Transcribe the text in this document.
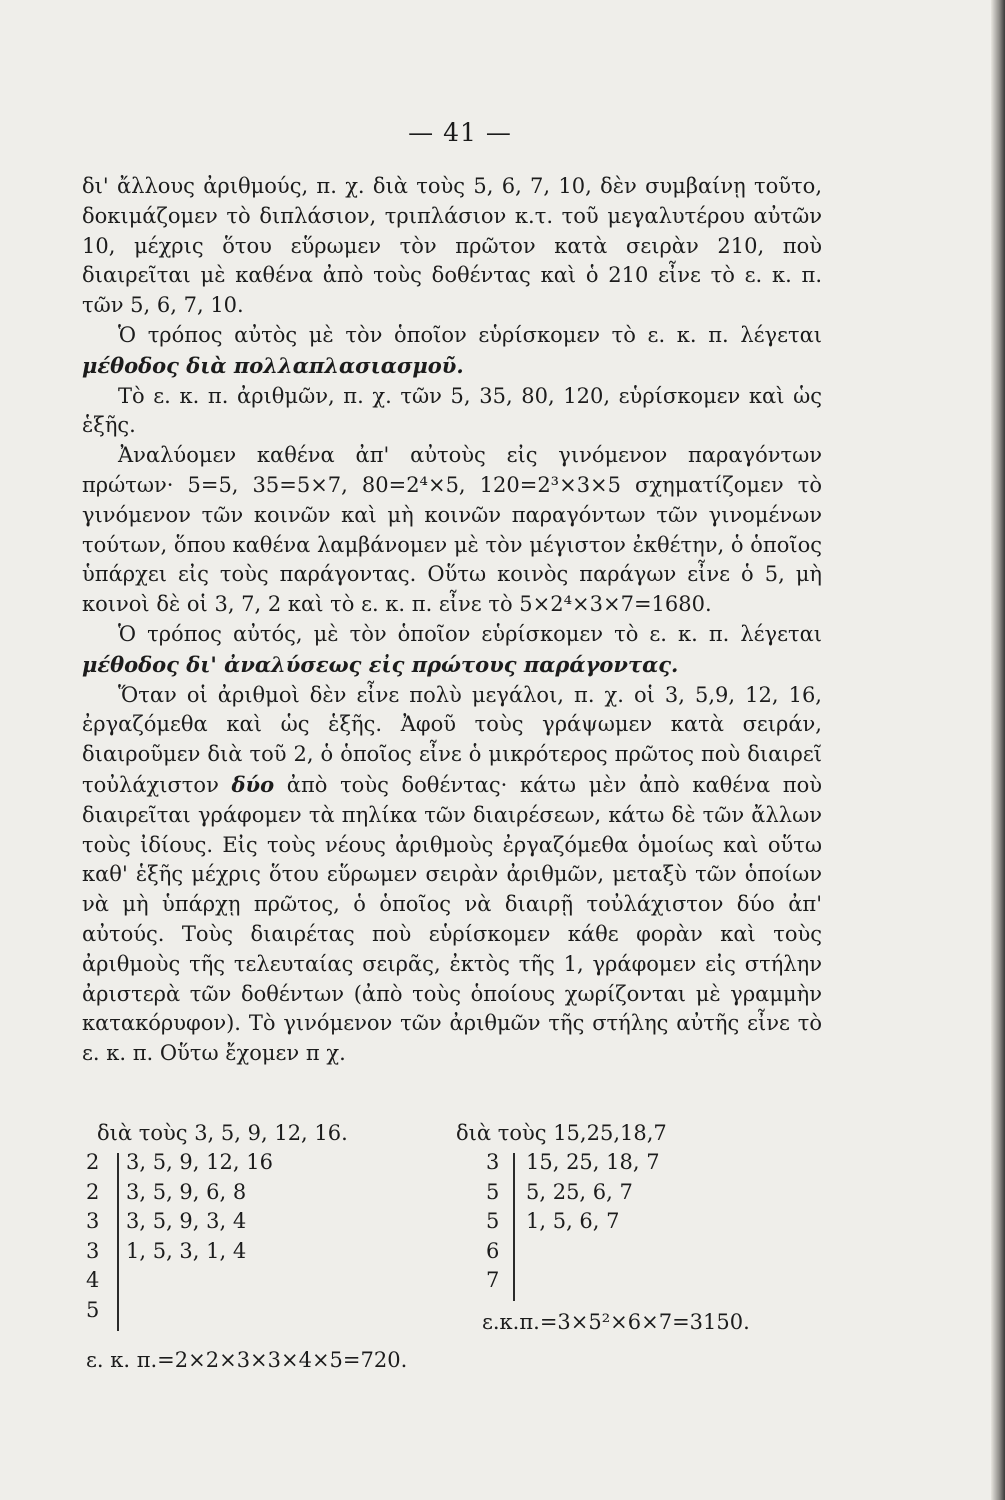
— 41 —

δι' ἄλλους ἀριθμούς, π. χ. διὰ τοὺς 5, 6, 7, 10, δὲν συμβαίνῃ τοῦτο, δοκιμάζομεν τὸ διπλάσιον, τριπλάσιον κ.τ. τοῦ μεγαλυτέρου αὐτῶν 10, μέχρις ὅτου εὕρωμεν τὸν πρῶτον κατὰ σειρὰν 210, ποὺ διαιρεῖται μὲ καθένα ἀπὸ τοὺς δοθέντας καὶ ὁ 210 εἶνε τὸ ε. κ. π. τῶν 5, 6, 7, 10.

Ὁ τρόπος αὐτὸς μὲ τὸν ὁποῖον εὑρίσκομεν τὸ ε. κ. π. λέγεται μέθοδος διὰ πολλαπλασιασμοῦ.

Τὸ ε. κ. π. ἀριθμῶν, π. χ. τῶν 5, 35, 80, 120, εὑρίσκομεν καὶ ὡς ἑξῆς.

Ἀναλύομεν καθένα ἀπ' αὐτοὺς εἰς γινόμενον παραγόντων πρώτων· 5=5, 35=5×7, 80=2⁴×5, 120=2³×3×5 σχηματίζομεν τὸ γινόμενον τῶν κοινῶν καὶ μὴ κοινῶν παραγόντων τῶν γινομένων τούτων, ὅπου καθένα λαμβάνομεν μὲ τὸν μέγιστον ἐκθέτην, ὁ ὁποῖος ὑπάρχει εἰς τοὺς παράγοντας. Οὕτω κοινὸς παράγων εἶνε ὁ 5, μὴ κοινοὶ δὲ οἱ 3, 7, 2 καὶ τὸ ε. κ. π. εἶνε τὸ 5×2⁴×3×7=1680.

Ὁ τρόπος αὐτός, μὲ τὸν ὁποῖον εὑρίσκομεν τὸ ε. κ. π. λέγεται μέθοδος δι' ἀναλύσεως εἰς πρώτους παράγοντας.

Ὅταν οἱ ἀριθμοὶ δὲν εἶνε πολὺ μεγάλοι, π. χ. οἱ 3, 5,9, 12, 16, ἐργαζόμεθα καὶ ὡς ἑξῆς. Ἀφοῦ τοὺς γράψωμεν κατὰ σειράν, διαιροῦμεν διὰ τοῦ 2, ὁ ὁποῖος εἶνε ὁ μικρότερος πρῶτος ποὺ διαιρεῖ τοὐλάχιστον δύο ἀπὸ τοὺς δοθέντας· κάτω μὲν ἀπὸ καθένα ποὺ διαιρεῖται γράφομεν τὰ πηλίκα τῶν διαιρέσεων, κάτω δὲ τῶν ἄλλων τοὺς ἰδίους. Εἰς τοὺς νέους ἀριθμοὺς ἐργαζόμεθα ὁμοίως καὶ οὕτω καθ' ἑξῆς μέχρις ὅτου εὕρωμεν σειρὰν ἀριθμῶν, μεταξὺ τῶν ὁποίων νὰ μὴ ὑπάρχῃ πρῶτος, ὁ ὁποῖος νὰ διαιρῇ τοὐλάχιστον δύο ἀπ' αὐτούς. Τοὺς διαιρέτας ποὺ εὑρίσκομεν κάθε φορὰν καὶ τοὺς ἀριθμοὺς τῆς τελευταίας σειρᾶς, ἐκτὸς τῆς 1, γράφομεν εἰς στήλην ἀριστερὰ τῶν δοθέντων (ἀπὸ τοὺς ὁποίους χωρίζονται μὲ γραμμὴν κατακόρυφον). Τὸ γινόμενον τῶν ἀριθμῶν τῆς στήλης αὐτῆς εἶνε τὸ ε. κ. π. Οὕτω ἔχομεν π χ.

διὰ τοὺς 3, 5, 9, 12, 16.	διὰ τοὺς 15,25,18,7
2	3, 5, 9, 12, 16
2	3, 5, 9, 6, 8
3	3, 5, 9, 3, 4
3	1, 5, 3, 1, 4
4
5
3	15, 25, 18, 7
5	5, 25, 6, 7
5	1, 5, 6, 7
6
7
ε.κ.π.=3×5²×6×7=3150.
ε. κ. π.=2×2×3×3×4×5=720.
